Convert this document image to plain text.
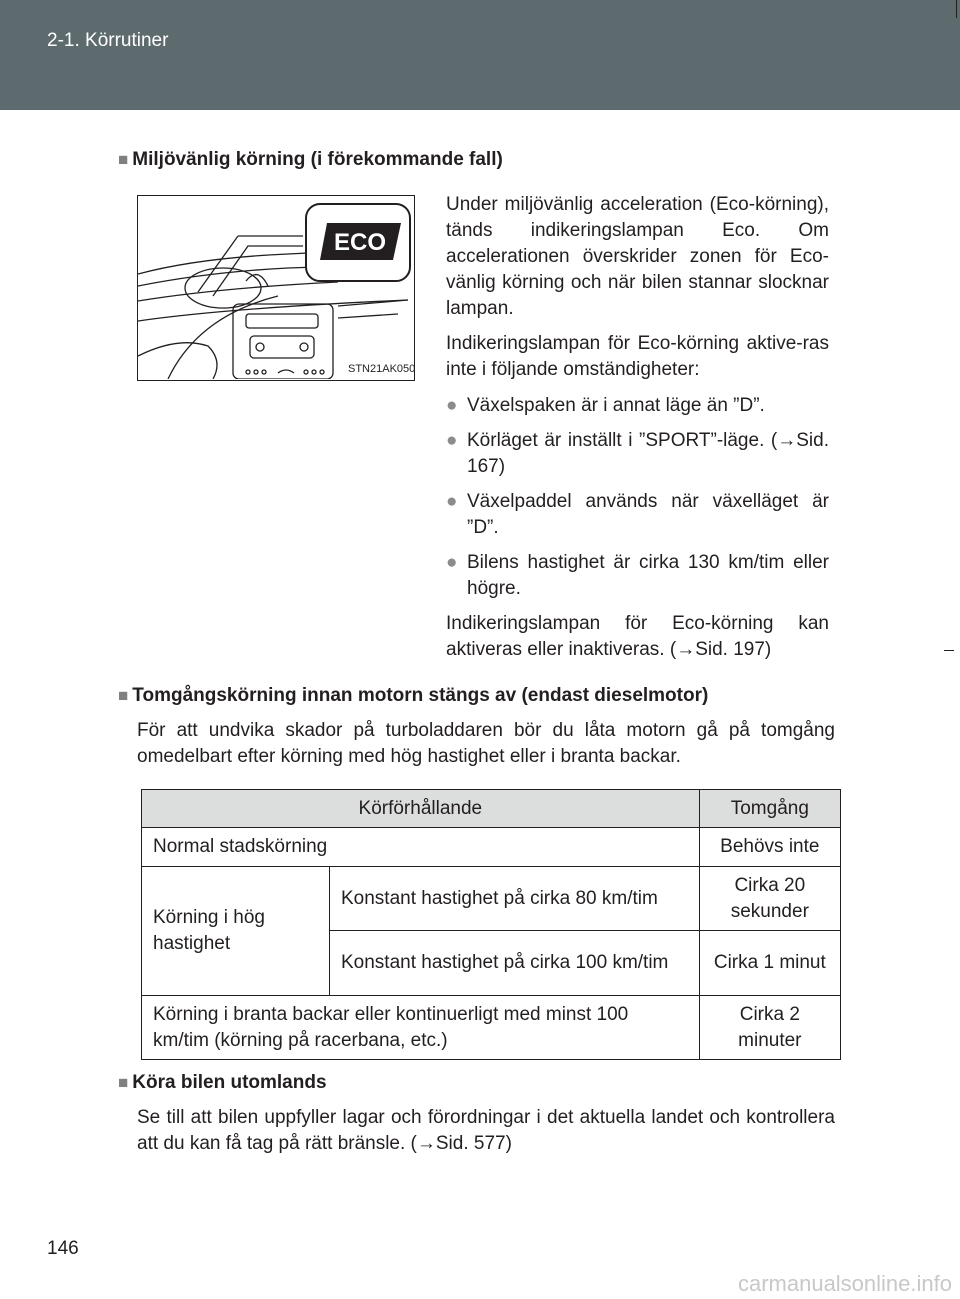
2-1. Körrutiner
■ Miljövänlig körning (i förekommande fall)
ECO
STN21AK050
Under miljövänlig acceleration (Eco-körning), tänds indikeringslampan Eco. Om accelerationen överskrider zonen för Eco-vänlig körning och när bilen stannar slocknar lampan.
Indikeringslampan för Eco-körning aktive-ras inte i följande omständigheter:
● Växelspaken är i annat läge än ”D”.
● Körläget är inställt i ”SPORT”-läge. (→Sid. 167)
● Växelpaddel används när växelläget är ”D”.
● Bilens hastighet är cirka 130 km/tim eller högre.
Indikeringslampan för Eco-körning kan aktiveras eller inaktiveras. (→Sid. 197)
■ Tomgångskörning innan motorn stängs av (endast dieselmotor)
För att undvika skador på turboladdaren bör du låta motorn gå på tomgång omedelbart efter körning med hög hastighet eller i branta backar.
Körförhållande		Tomgång
Normal stadskörning		Behövs inte
Körning i hög hastighet	Konstant hastighet på cirka 80 km/tim	Cirka 20 sekunder
	Konstant hastighet på cirka 100 km/tim	Cirka 1 minut
Körning i branta backar eller kontinuerligt med minst 100 km/tim (körning på racerbana, etc.)		Cirka 2 minuter
■ Köra bilen utomlands
Se till att bilen uppfyller lagar och förordningar i det aktuella landet och kontrollera att du kan få tag på rätt bränsle. (→Sid. 577)
146
carmanualsonline.info
